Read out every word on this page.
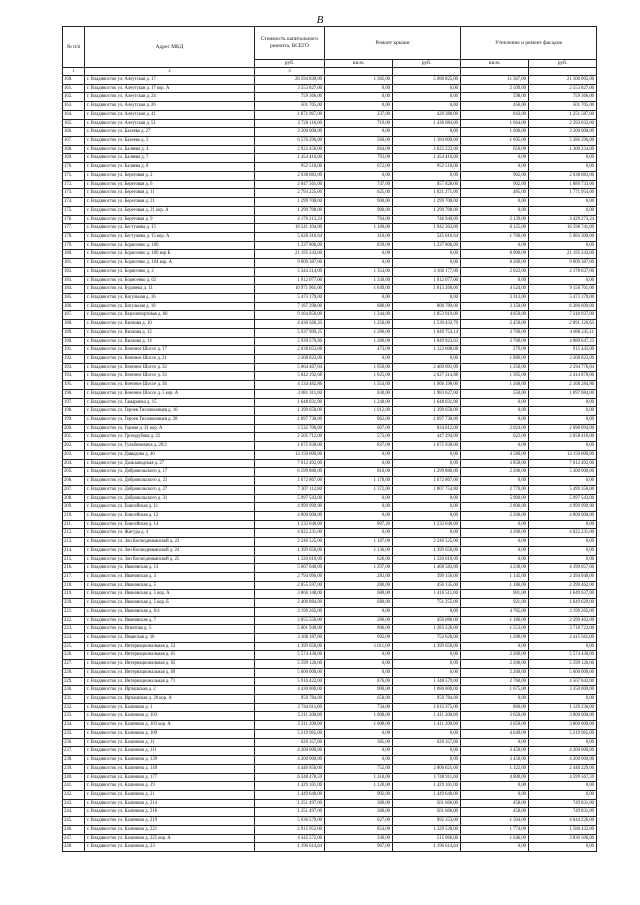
B
№ п/п	Адрес МКД	Стоимость капитального ремонта, ВСЕГО	Ремонт крыши		Утепление и ремонт фасадов	
		руб.	кв.м.	руб.	кв.м.	руб.
1	2	3				
160.	г. Владивосток ул. Алеутская д. 17	28 594 830,00	1 382,00	5 088 825,00	11 367,00	21 506 005,00
161.	г. Владивосток ул. Алеутская д. 17 кор. А	3 553 827,00	0,00	0,00	2 509,00	2 553 827,00
162.	г. Владивосток ул. Алеутская д. 24	759 366,00	0,00	0,00	598,00	759 366,00
163.	г. Владивосток ул. Алеутская д. 26	501 705,00	0,00	0,00	456,00	501 705,00
164.	г. Владивосток ул. Алеутская д. 41	1 671 967,00	237,00	420 380,00	843,00	1 251 587,00
165.	г. Владивосток ул. Алеутская д. 51	3 728 116,00	719,00	1 436 084,00	1 664,00	2 292 032,00
166.	г. Владивосток ул. Бахеева д. 27	3 200 000,00	0,00	0,00	1 606,00	3 200 000,00
167.	г. Владивосток ул. Бахеева д. 3	6 570 296,00	560,00	1 184 000,00	1 695,00	5 386 296,00
168.	г. Владивосток ул. Баляева д. 4	2 922 456,00	864,00	1 622 222,00	650,00	1 300 234,00
169.	г. Владивосток ул. Баляева д. 7	1 454 416,00	793,00	1 454 416,00	0,00	0,00
170.	г. Владивосток ул. Баляева д. 8	952 518,00	672,00	952 518,00	0,00	0,00
171.	г. Владивосток ул. Береговая д. 2	2 038 083,00	0,00	0,00	902,00	2 038 083,00
172.	г. Владивосток ул. Береговая д. 6	2 847 561,00	747,00	957 828,00	902,00	1 889 733,00
173.	г. Владивосток ул. Береговая д. 11	2 793 225,00	625,00	1 021 271,00	485,00	1 771 954,00
174.	г. Владивосток ул. Береговая д. 21	1 299 708,00	900,00	1 299 708,00	0,00	0,00
175.	г. Владивосток ул. Береговая д. 21 кор. А	1 299 708,00	900,00	1 299 708,00	0,00	0,00
176.	г. Владивосток ул. Береговая д. 9	4 176 213,24	764,00	746 940,00	2 139,00	3 429 273,24
177.	г. Владивосток ул. Бестужева д. 15	18 541 104,00	1 100,00	1 942 363,00	6 125,00	16 598 741,00
178.	г. Владивосток ул. Бестужева д. 15 кор. А	5 628 316,64	310,00	545 016,64	1 700,00	5 083 300,00
179.	г. Владивосток ул. Борисенко д. 100	1 237 806,00	839,00	1 237 806,00	0,00	0,00
180.	г. Владивосток ул. Борисенко д. 100 кор Б	21 195 243,00	0,00	0,00	8 900,00	21 195 243,00
181.	г. Владивосток ул. Борисенко д. 104 кор. А	9 909 387,00	0,00	0,00	8 200,00	9 909 387,00
182.	г. Владивосток ул. Борисенко д. 2	5 344 214,00	1 354,00	3 166 177,00	2 022,00	2 178 037,00
183.	г. Владивосток ул. Борисенко д. 62	1 912 077,00	1 330,00	1 912 077,00	0,00	0,00
184.	г. Владивосток ул. Бурачека д. 11	10 971 961,00	1 649,00	1 813 260,00	4 524,00	9 158 701,00
185.	г. Владивосток ул. Вагульная д. 16	5 473 179,00	0,00	0,00	3 313,00	5 473 179,00
186.	г. Владивосток ул. Вагульная д. 18	7 187 398,00	680,00	800 789,00	3 150,00	6 386 609,00
187.	г. Владивосток ул. Верхнепортовая д. 66	9 164 856,00	1 344,00	1 853 919,00	4 850,00	7 310 937,00
188.	г. Владивосток ул. Вилкова д. 10	4 430 560,33	1 250,00	1 539 433,70	2 450,00	2 891 126,63
189.	г. Владивосток ул. Вилкова д. 12	5 937 999,25	1 280,00	1 849 754,14	3 700,00	4 088 245,11
190.	г. Владивосток ул. Вилкова д. 14	5 939 570,86	1 280,00	1 849 923,63	3 700,00	4 089 647,23
191.	г. Владивосток ул. Военное Шоссе д. 17	2 038 053,08	473,00	1 122 608,08	279,00	915 445,00
192.	г. Владивосток ул. Военное Шоссе д. 21	3 268 023,00	0,00	0,00	1 880,00	3 268 023,00
193.	г. Владивосток ул. Военное Шоссе д. 32	5 064 467,04	1 050,00	2 469 691,00	1 250,00	2 594 776,04
194.	г. Владивосток ул. Военное Шоссе д. 33	5 042 192,68	1 025,00	2 627 314,88	1 395,00	2 414 878,00
195.	г. Владивосток ул. Военное Шоссе д. 36	4 134 482,86	1 354,00	1 966 198,00	1 268,00	2 168 284,86
196.	г. Владивосток ул. Военное Шоссе д. 5 кор. А	3 081 311,00	830,00	1 983 627,00	550,00	1 097 684,00
197.	г. Владивосток ул. Гамарника д. 15	1 648 031,00	1 240,00	1 648 031,00	0,00	0,00
198.	г. Владивосток ул. Героев Тихоокеанцев д. 16	1 399 650,00	1 012,00	1 399 650,00	0,00	0,00
199.	г. Владивосток ул. Героев Тихоокеанцев д. 28	1 097 730,00	862,00	1 097 730,00	0,00	0,00
200.	г. Владивосток ул. Горная д. 31 кор. А	3 532 706,00	607,00	834 612,00	2 024,00	2 698 094,00
201.	г. Владивосток ул. Гризодубова д. 22	2 505 712,00	573,00	447 294,00	622,00	2 058 418,00
202.	г. Владивосток ул. Гульбиновича д. 29/2	1 675 938,00	837,00	1 675 938,00	0,00	0,00
203.	г. Владивосток ул. Давыдова д. 40	12 150 000,00	0,00	0,00	4 580,00	12 150 000,00
204.	г. Владивосток ул. Дальзаводская д. 27	7 012 492,00	0,00	0,00	3 858,00	7 012 492,00
205.	г. Владивосток ул. Добровольского д. 17	6 599 880,00	810,00	1 299 880,00	2 200,00	5 300 000,00
206.	г. Владивосток ул. Добровольского д. 23	1 672 867,00	1 178,00	1 672 867,00	0,00	0,00
207.	г. Владивосток ул. Добровольского д. 27	7 307 112,80	1 372,00	1 807 754,80	2 770,00	5 499 358,00
208.	г. Владивосток ул. Добровольского д. 31	5 997 543,00	0,00	0,00	5 900,00	5 997 543,00
209.	г. Владивосток ул. Енисейская д. 11	4 999 999,90	0,00	0,00	2 800,00	4 999 999,90
210.	г. Владивосток ул. Енисейская д. 12	4 000 000,00	0,00	0,00	2 200,00	4 000 000,00
211.	г. Владивосток ул. Енисейская д. 14	1 232 046,00	897,20	1 232 046,00	0,00	0,00
212.	г. Владивосток ул. Жигура д. 4	4 622 231,00	0,00	0,00	3 200,00	4 622 231,00
213.	г. Владивосток ул. Зои Космодемьянской д. 22	2 246 525,00	1 187,00	2 246 525,00	0,00	0,00
214.	г. Владивосток ул. Зои Космодемьянской д. 24	1 399 650,00	1 136,00	1 399 650,00	0,00	0,00
215.	г. Владивосток ул. Зои Космодемьянской д. 25	1 320 610,00	626,00	1 320 610,00	0,00	0,00
216.	г. Владивосток ул. Ивановская д. 13	5 667 640,00	1 297,00	1 468 583,00	3 238,00	4 199 057,00
217.	г. Владивосток ул. Ивановская д. 3	2 794 096,00	283,00	399 156,00	1 145,00	2 394 940,00
218.	г. Владивосток ул. Ивановская д. 5	2 855 597,00	280,00	456 135,00	1 186,00	2 399 462,00
219.	г. Владивосток ул. Ивановская д. 5 кор. А	3 066 148,00	680,00	1 416 511,00	901,00	1 649 637,00
220.	г. Владивосток ул. Ивановская д. 5 кор. Б	2 400 884,00	680,00	751 255,00	921,00	1 649 629,00
221.	г. Владивосток ул. Ивановская д. 6/4	3 199 265,00	0,00	0,00	4 765,00	3 199 265,00
222.	г. Владивосток ул. Ивановская д. 7	2 855 550,00	280,00	456 088,00	1 186,00	2 399 462,00
223.	г. Владивосток ул. Игнатова д. 5	5 001 948,00	806,00	1 283 226,00	1 553,00	3 718 722,00
224.	г. Владивосток ул. Иманская д. 16	3 168 187,00	692,00	752 626,00	1 200,00	2 415 561,00
225.	г. Владивосток ул. Интернациональная д. 53	1 399 650,00	1 011,00	1 399 650,00	0,00	0,00
226.	г. Владивосток ул. Интернациональная д. 61	5 574 430,00	0,00	0,00	2 200,00	5 574 430,00
227.	г. Владивосток ул. Интернациональная д. 65	5 599 126,00	0,00	0,00	2 200,00	5 599 126,00
228.	г. Владивосток ул. Интернациональная д. 69	5 600 000,00	0,00	0,00	2 200,00	5 600 000,00
229.	г. Владивосток ул. Интернациональная д. 71	5 916 422,00	876,00	1 348 579,00	2 760,00	4 567 843,00
230.	г. Владивосток ул. Иртышская д. 2	4 430 000,00	900,00	1 080 000,00	1 675,00	3 350 000,00
231.	г. Владивосток ул. Иртышская д. 28 кор. А	959 784,00	650,00	959 784,00	0,00	0,00
232.	г. Владивосток ул. Калинина д. 1	2 744 611,00	734,00	1 615 375,00	860,00	1 129 236,00
233.	г. Владивосток ул. Калинина д. 103	5 211 200,00	1 008,00	1 411 200,00	3 650,00	3 800 000,00
234.	г. Владивосток ул. Калинина д. 103 кор. А	5 211 200,00	1 008,00	1 411 200,00	3 650,00	3 800 000,00
235.	г. Владивосток ул. Калинина д. 109	5 219 965,00	0,00	0,00	4 649,00	5 219 965,00
236.	г. Владивосток ул. Калинина д. 11	629 357,00	385,00	629 357,00	0,00	0,00
237.	г. Владивосток ул. Калинина д. 111	4 200 000,00	0,00	0,00	3 450,00	4 200 000,00
238.	г. Владивосток ул. Калинина д. 139	4 200 000,00	0,00	0,00	3 450,00	4 200 000,00
239.	г. Владивосток ул. Калинина д. 149	4 446 850,00	752,00	2 006 621,00	1 322,00	2 440 229,00
240.	г. Владивосток ул. Калинина д. 177	6 348 478,59	1 310,00	1 748 911,00	4 800,00	4 599 567,59
241.	г. Владивосток ул. Калинина д. 19	1 429 101,00	1 120,00	1 429 101,00	0,00	0,00
242.	г. Владивосток ул. Калинина д. 21	1 449 640,00	902,00	1 449 640,00	0,00	0,00
243.	г. Владивосток ул. Калинина д. 214	1 251 497,00	380,00	501 666,00	458,00	749 831,00
244.	г. Владивосток ул. Калинина д. 218	1 251 497,00	380,00	501 666,00	458,00	749 831,00
245.	г. Владивосток ул. Калинина д. 219	5 036 579,00	627,00	992 353,00	1 504,00	4 044 226,00
246.	г. Владивосток ул. Калинина д. 221	2 915 952,00	854,00	1 329 520,00	1 774,00	1 586 432,00
247.	г. Владивосток ул. Калинина д. 225 кор. А	4 345 572,00	340,00	515 066,00	1 646,00	3 830 506,00
248.	г. Владивосток ул. Калинина д. 23	1 196 614,64	967,00	1 196 614,64	0,00	0,00
